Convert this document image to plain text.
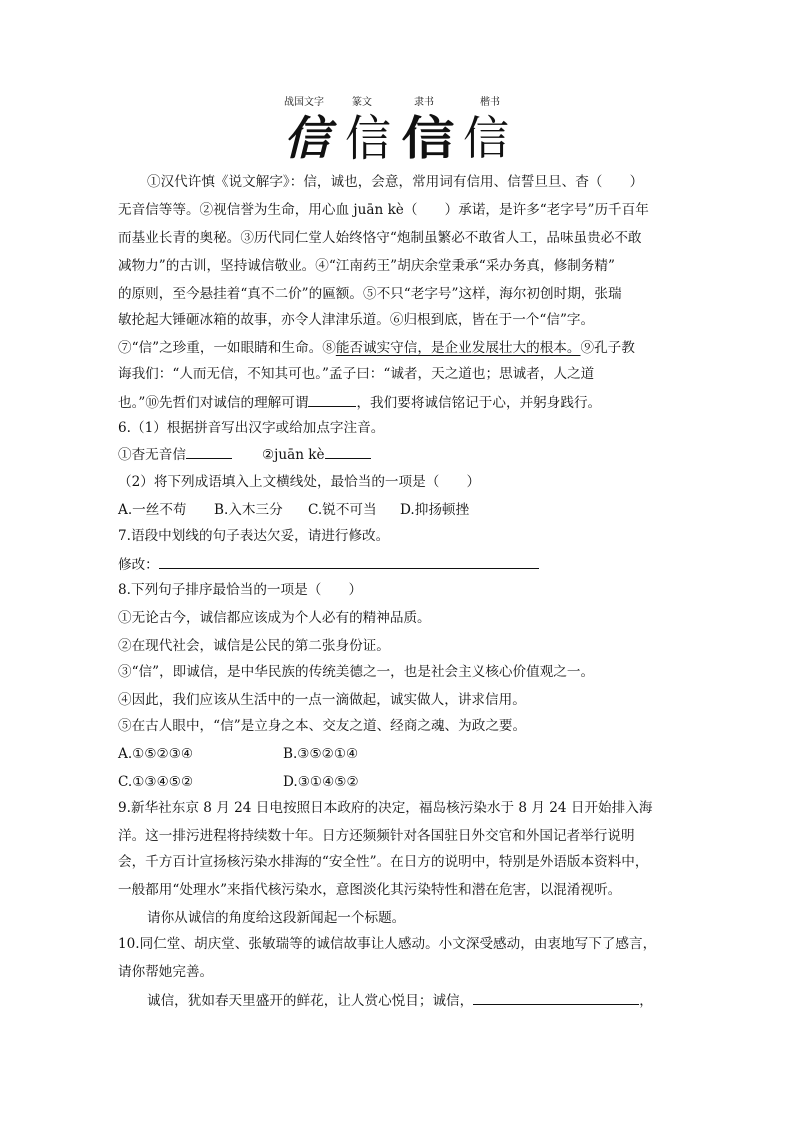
战国文字	篆文	隶书	楷书
信 信 信 信
①汉代许慎《说文解字》：信，诚也，会意，常用词有信用、信誓旦旦、杳（　　）
无音信等等。②视信誉为生命，用心血 juān kè（　　）承诺，是许多“老字号”历千百年
而基业长青的奥秘。③历代同仁堂人始终恪守“炮制虽繁必不敢省人工，品味虽贵必不敢
减物力”的古训，坚持诚信敬业。④“江南药王”胡庆余堂秉承“采办务真，修制务精”
的原则，至今悬挂着“真不二价”的匾额。⑤不只“老字号”这样，海尔初创时期，张瑞
敏抡起大锤砸冰箱的故事，亦令人津津乐道。⑥归根到底，皆在于一个“信”字。
⑦“信”之珍重，一如眼睛和生命。⑧能否诚实守信，是企业发展壮大的根本。⑨孔子教
诲我们：“人而无信，不知其可也。”孟子曰：“诚者，天之道也；思诚者，人之道
也。”⑩先哲们对诚信的理解可谓	，我们要将诚信铭记于心，并躬身践行。
6.（1）根据拼音写出汉字或给加点字注音。
①杳无音信	②juān kè
（2）将下列成语填入上文横线处，最恰当的一项是（　　）
A.一丝不苟 B.入木三分 C.锐不可当 D.抑扬顿挫
7.语段中划线的句子表达欠妥，请进行修改。
修改：
8.下列句子排序最恰当的一项是（　　）
①无论古今，诚信都应该成为个人必有的精神品质。
②在现代社会，诚信是公民的第二张身份证。
③“信”，即诚信，是中华民族的传统美德之一，也是社会主义核心价值观之一。
④因此，我们应该从生活中的一点一滴做起，诚实做人，讲求信用。
⑤在古人眼中，“信”是立身之本、交友之道、经商之魂、为政之要。
A.①⑤②③④	B.③⑤②①④
C.①③④⑤②	D.③①④⑤②
9.新华社东京 8 月 24 日电按照日本政府的决定，福岛核污染水于 8 月 24 日开始排入海
洋。这一排污进程将持续数十年。日方还频频针对各国驻日外交官和外国记者举行说明
会，千方百计宣扬核污染水排海的“安全性”。在日方的说明中，特别是外语版本资料中，
一般都用“处理水”来指代核污染水，意图淡化其污染特性和潜在危害，以混淆视听。
请你从诚信的角度给这段新闻起一个标题。
10.同仁堂、胡庆堂、张敏瑞等的诚信故事让人感动。小文深受感动，由衷地写下了感言，
请你帮她完善。
诚信，犹如春天里盛开的鲜花，让人赏心悦目；诚信，	，
